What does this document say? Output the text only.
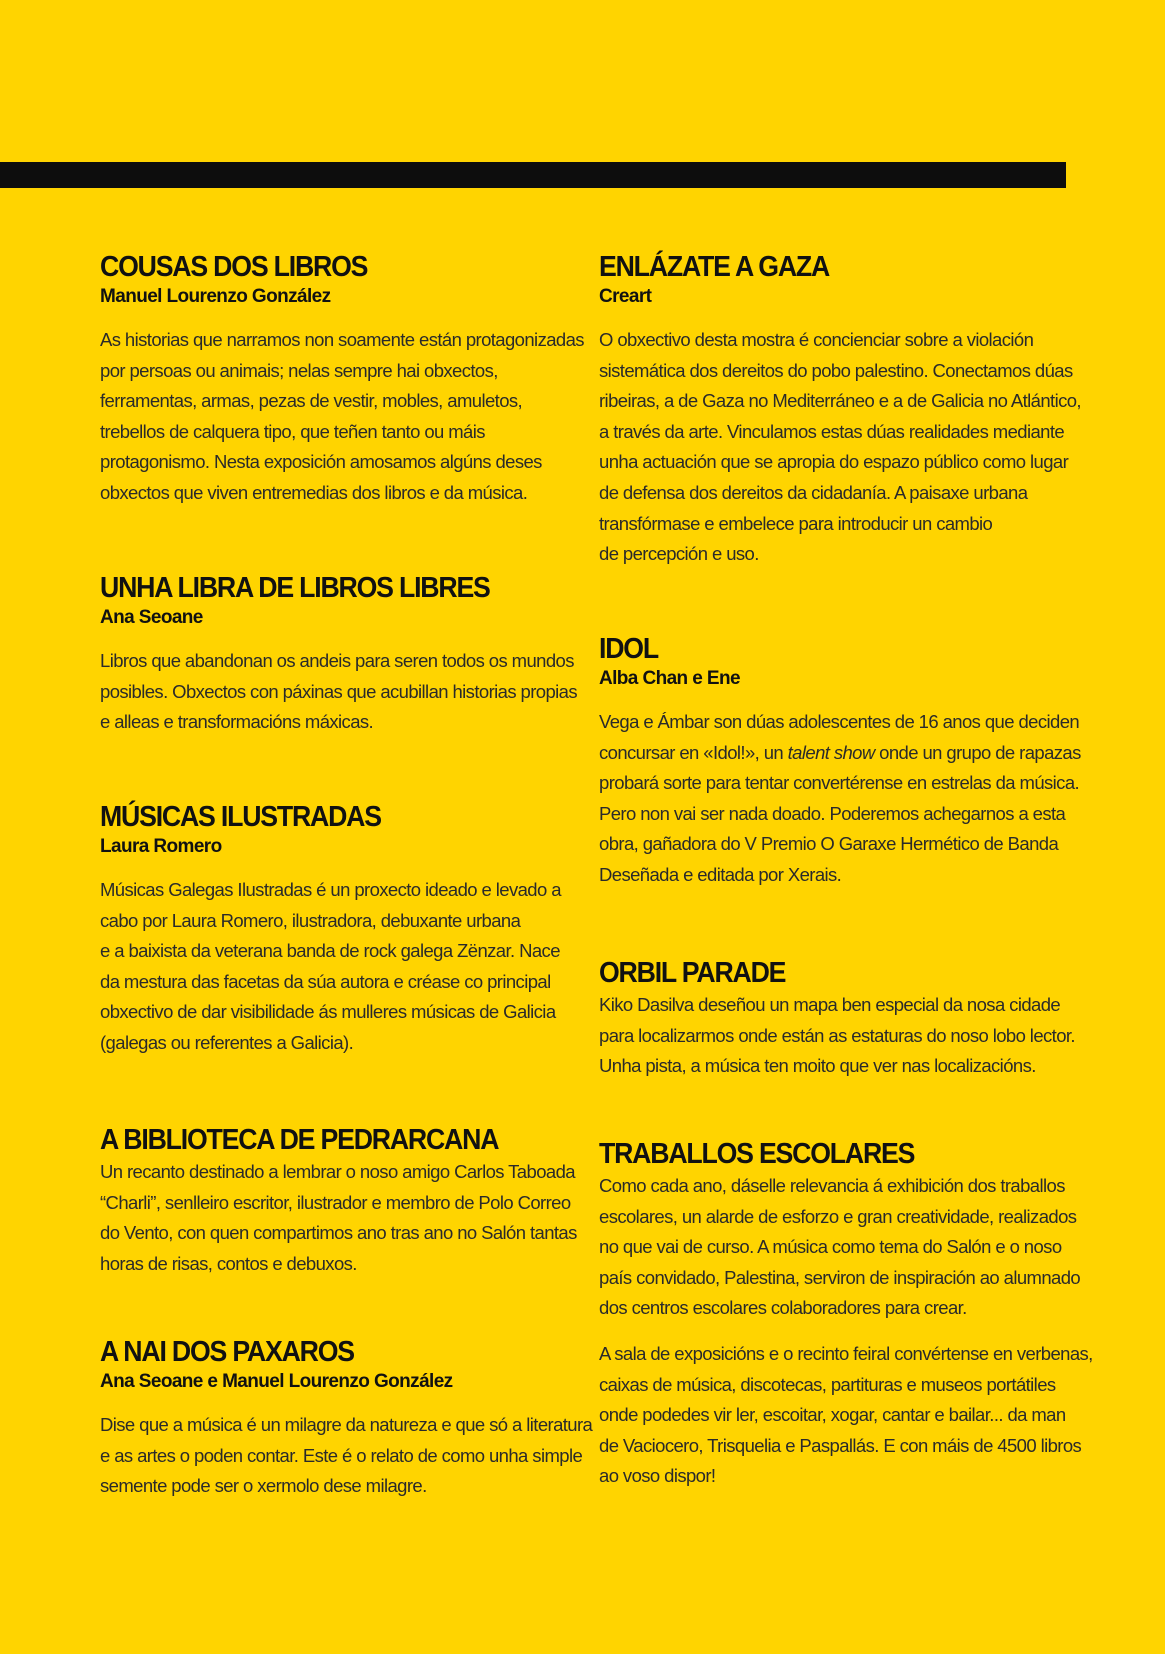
COUSAS DOS LIBROS
Manuel Lourenzo González

As historias que narramos non soamente están protagonizadas
por persoas ou animais; nelas sempre hai obxectos,
ferramentas, armas, pezas de vestir, mobles, amuletos,
trebellos de calquera tipo, que teñen tanto ou máis
protagonismo. Nesta exposición amosamos algúns deses
obxectos que viven entremedias dos libros e da música.

UNHA LIBRA DE LIBROS LIBRES
Ana Seoane

Libros que abandonan os andeis para seren todos os mundos
posibles. Obxectos con páxinas que acubillan historias propias
e alleas e transformacións máxicas.

MÚSICAS ILUSTRADAS
Laura Romero

Músicas Galegas Ilustradas é un proxecto ideado e levado a
cabo por Laura Romero, ilustradora, debuxante urbana
e a baixista da veterana banda de rock galega Zënzar. Nace
da mestura das facetas da súa autora e créase co principal
obxectivo de dar visibilidade ás mulleres músicas de Galicia
(galegas ou referentes a Galicia).

A BIBLIOTECA DE PEDRARCANA

Un recanto destinado a lembrar o noso amigo Carlos Taboada
“Charli”, senlleiro escritor, ilustrador e membro de Polo Correo
do Vento, con quen compartimos ano tras ano no Salón tantas
horas de risas, contos e debuxos.

A NAI DOS PAXAROS
Ana Seoane e Manuel Lourenzo González

Dise que a música é un milagre da natureza e que só a literatura
e as artes o poden contar. Este é o relato de como unha simple
semente pode ser o xermolo dese milagre.

ENLÁZATE A GAZA
Creart

O obxectivo desta mostra é concienciar sobre a violación
sistemática dos dereitos do pobo palestino. Conectamos dúas
ribeiras, a de Gaza no Mediterráneo e a de Galicia no Atlántico,
a través da arte. Vinculamos estas dúas realidades mediante
unha actuación que se apropia do espazo público como lugar
de defensa dos dereitos da cidadanía. A paisaxe urbana
transfórmase e embelece para introducir un cambio
de percepción e uso.

IDOL
Alba Chan e Ene

Vega e Ámbar son dúas adolescentes de 16 anos que deciden
concursar en «Idol!», un talent show onde un grupo de rapazas
probará sorte para tentar convertérense en estrelas da música.
Pero non vai ser nada doado. Poderemos achegarnos a esta
obra, gañadora do V Premio O Garaxe Hermético de Banda
Deseñada e editada por Xerais.

ORBIL PARADE

Kiko Dasilva deseñou un mapa ben especial da nosa cidade
para localizarmos onde están as estaturas do noso lobo lector.
Unha pista, a música ten moito que ver nas localizacións.

TRABALLOS ESCOLARES

Como cada ano, dáselle relevancia á exhibición dos traballos
escolares, un alarde de esforzo e gran creatividade, realizados
no que vai de curso. A música como tema do Salón e o noso
país convidado, Palestina, serviron de inspiración ao alumnado
dos centros escolares colaboradores para crear.

A sala de exposicións e o recinto feiral convértense en verbenas,
caixas de música, discotecas, partituras e museos portátiles
onde podedes vir ler, escoitar, xogar, cantar e bailar... da man
de Vaciocero, Trisquelia e Paspallás. E con máis de 4500 libros
ao voso dispor!
